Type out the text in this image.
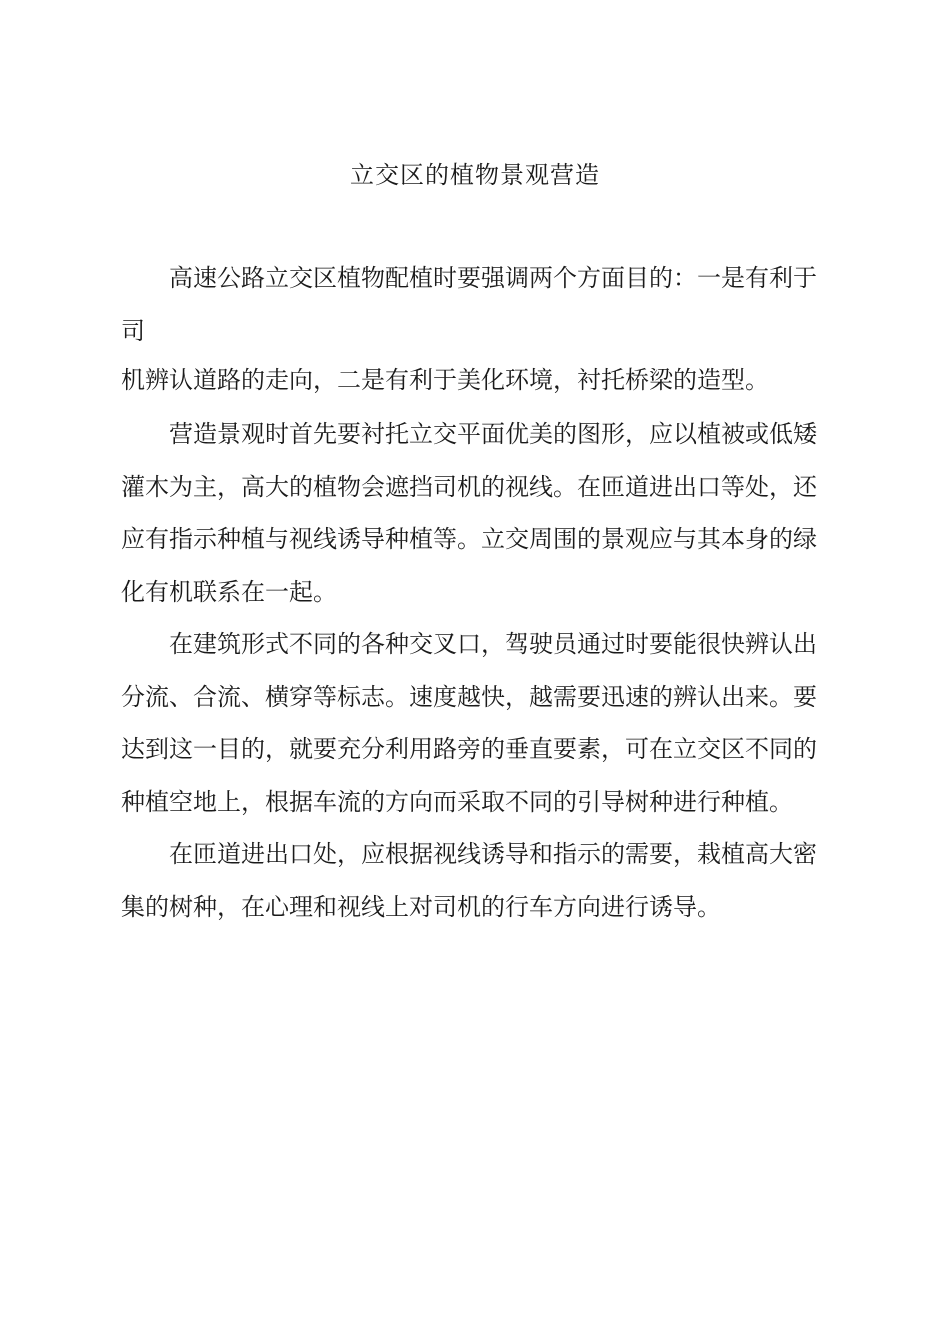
立交区的植物景观营造
高速公路立交区植物配植时要强调两个方面目的：一是有利于
司
机辨认道路的走向，二是有利于美化环境，衬托桥梁的造型。
营造景观时首先要衬托立交平面优美的图形，应以植被或低矮
灌木为主，高大的植物会遮挡司机的视线。在匝道进出口等处，还
应有指示种植与视线诱导种植等。立交周围的景观应与其本身的绿
化有机联系在一起。
在建筑形式不同的各种交叉口，驾驶员通过时要能很快辨认出
分流、合流、横穿等标志。速度越快，越需要迅速的辨认出来。要
达到这一目的，就要充分利用路旁的垂直要素，可在立交区不同的
种植空地上，根据车流的方向而采取不同的引导树种进行种植。
在匝道进出口处，应根据视线诱导和指示的需要，栽植高大密
集的树种，在心理和视线上对司机的行车方向进行诱导。
